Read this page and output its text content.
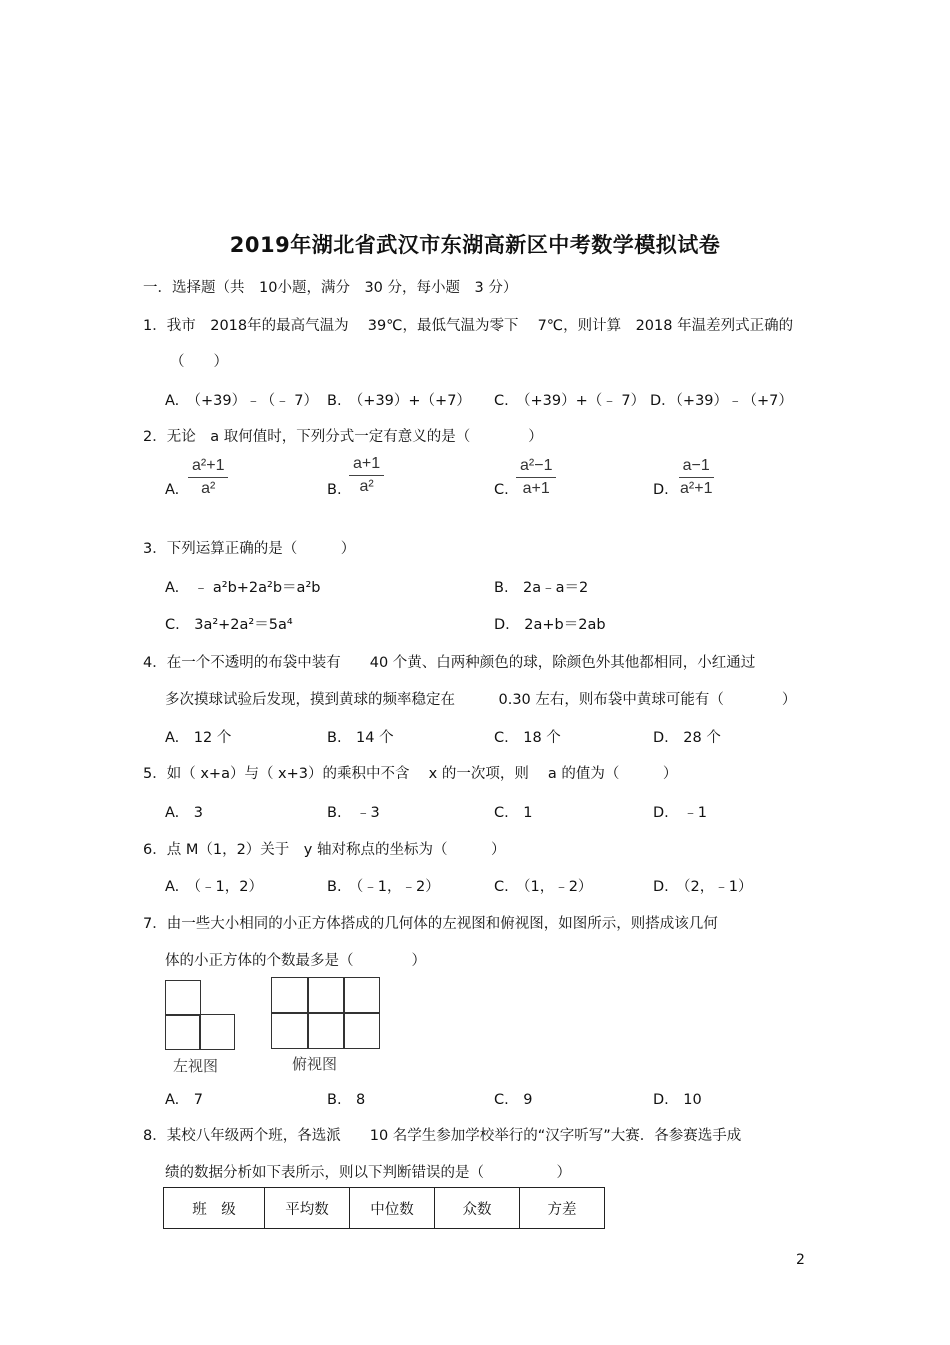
2019年湖北省武汉市东湖高新区中考数学模拟试卷
一．选择题（共　10小题，满分　30 分，每小题　3 分）
1．我市　2018年的最高气温为　 39℃，最低气温为零下　 7℃，则计算　2018 年温差列式正确的
（　　）
A.　（+39）﹣（﹣ 7） B.　（+39）+（+7） C.　（+39）+（﹣ 7） D．（+39）﹣（+7）
2．无论　a 取何值时，下列分式一定有意义的是（　　　　）
A. $\frac{\text{a²+1}}{\text{a²}}$	B. $\frac{a+1}{\text{a²}}$	C. $\frac{\text{a²−1}}{a+1}$	D. $\frac{a-1}{\text{a²+1}}$
3．下列运算正确的是（　　　）
A.　﹣ a²b+2a²b＝a²b	B.　2a﹣a＝2
C.　3a²+2a²＝5a⁴	D.　2a+b＝2ab
4．在一个不透明的布袋中装有　　40 个黄、白两种颜色的球，除颜色外其他都相同，小红通过
多次摸球试验后发现，摸到黄球的频率稳定在　　　0.30 左右，则布袋中黄球可能有（　　　　）
A.　12 个	B.　14 个	C.　18 个	D.　28 个
5．如（ x+a）与（ x+3）的乘积中不含　 x 的一次项，则　 a 的值为（　　　）
A.　3	B.　﹣3	C.　1	D.　﹣1
6．点 M（1，2）关于　y 轴对称点的坐标为（　　　）
A.　（﹣1，2）	B.　（﹣1，﹣2）	C.　（1，﹣2）	D.　（2，﹣1）
7．由一些大小相同的小正方体搭成的几何体的左视图和俯视图，如图所示，则搭成该几何
体的小正方体的个数最多是（　　　　）
左视图	俯视图
A.　7	B.　8	C.　9	D.　10
8．某校八年级两个班，各选派　　10 名学生参加学校举行的“汉字听写”大赛．各参赛选手成
绩的数据分析如下表所示，则以下判断错误的是（　　　　　）
班　级	平均数	中位数	众数	方差
2
